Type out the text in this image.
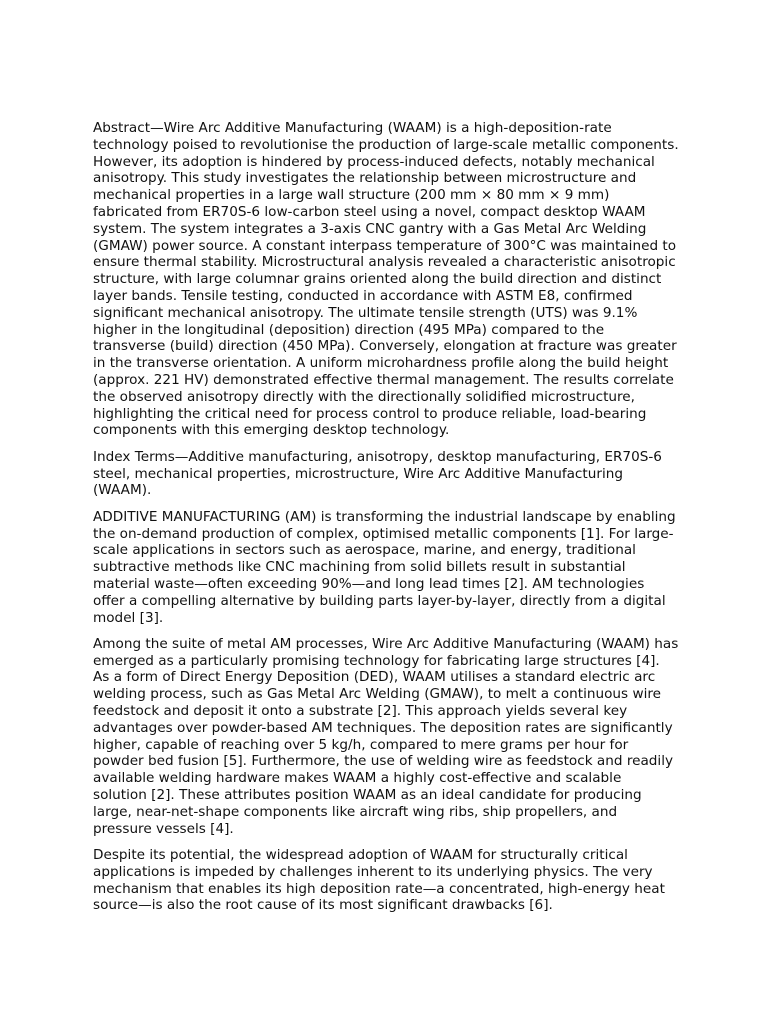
Abstract—Wire Arc Additive Manufacturing (WAAM) is a high-deposition-rate technology poised to revolutionise the production of large-scale metallic components. However, its adoption is hindered by process-induced defects, notably mechanical anisotropy. This study investigates the relationship between microstructure and mechanical properties in a large wall structure (200 mm × 80 mm × 9 mm) fabricated from ER70S-6 low-carbon steel using a novel, compact desktop WAAM system. The system integrates a 3-axis CNC gantry with a Gas Metal Arc Welding (GMAW) power source. A constant interpass temperature of 300°C was maintained to ensure thermal stability. Microstructural analysis revealed a characteristic anisotropic structure, with large columnar grains oriented along the build direction and distinct layer bands. Tensile testing, conducted in accordance with ASTM E8, confirmed significant mechanical anisotropy. The ultimate tensile strength (UTS) was 9.1% higher in the longitudinal (deposition) direction (495 MPa) compared to the transverse (build) direction (450 MPa). Conversely, elongation at fracture was greater in the transverse orientation. A uniform microhardness profile along the build height (approx. 221 HV) demonstrated effective thermal management. The results correlate the observed anisotropy directly with the directionally solidified microstructure, highlighting the critical need for process control to produce reliable, load-bearing components with this emerging desktop technology.

Index Terms—Additive manufacturing, anisotropy, desktop manufacturing, ER70S-6 steel, mechanical properties, microstructure, Wire Arc Additive Manufacturing (WAAM).

ADDITIVE MANUFACTURING (AM) is transforming the industrial landscape by enabling the on-demand production of complex, optimised metallic components [1]. For large-scale applications in sectors such as aerospace, marine, and energy, traditional subtractive methods like CNC machining from solid billets result in substantial material waste—often exceeding 90%—and long lead times [2]. AM technologies offer a compelling alternative by building parts layer-by-layer, directly from a digital model [3].

Among the suite of metal AM processes, Wire Arc Additive Manufacturing (WAAM) has emerged as a particularly promising technology for fabricating large structures [4]. As a form of Direct Energy Deposition (DED), WAAM utilises a standard electric arc welding process, such as Gas Metal Arc Welding (GMAW), to melt a continuous wire feedstock and deposit it onto a substrate [2]. This approach yields several key advantages over powder-based AM techniques. The deposition rates are significantly higher, capable of reaching over 5 kg/h, compared to mere grams per hour for powder bed fusion [5]. Furthermore, the use of welding wire as feedstock and readily available welding hardware makes WAAM a highly cost-effective and scalable solution [2]. These attributes position WAAM as an ideal candidate for producing large, near-net-shape components like aircraft wing ribs, ship propellers, and pressure vessels [4].

Despite its potential, the widespread adoption of WAAM for structurally critical applications is impeded by challenges inherent to its underlying physics. The very mechanism that enables its high deposition rate—a concentrated, high-energy heat source—is also the root cause of its most significant drawbacks [6].
